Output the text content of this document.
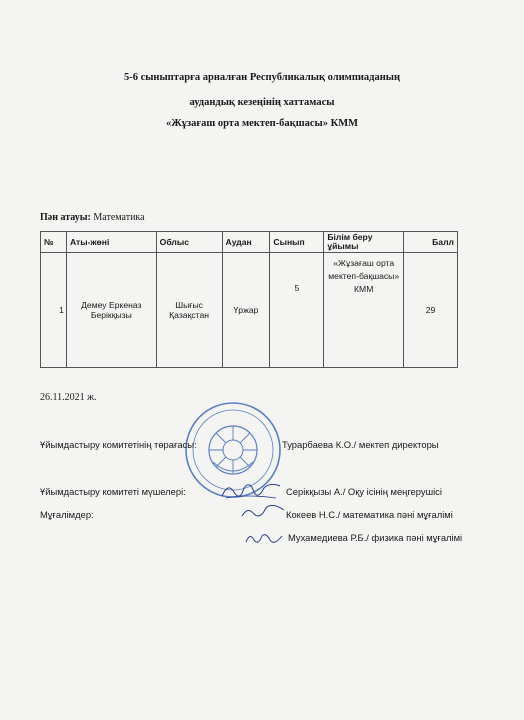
5-6 сыныптарға арналған Республикалық олимпиаданың
аудандық кезеңінің хаттамасы
«Жұзағаш орта мектеп-бақшасы» КММ
Пән атауы: Математика
№	Аты-жөні	Облыс	Аудан	Сынып	Білім беру ұйымы	Балл
1	Демеу Еркеназ Берікқызы	Шығыс Қазақстан	Үржар	5	«Жұзағаш орта мектеп-бақшасы» КММ	29
26.11.2021 ж.
Ұйымдастыру комитетінің төрағасы:	Турарбаева К.О./ мектеп директоры
Ұйымдастыру комитеті мүшелері:	Серікқызы А./ Оқу ісінің меңгерушісі
Мұғалімдер:	Кокеев Н.С./ математика пәні мұғалімі
Мухамедиева Р.Б./ физика пәні мұғалімі
